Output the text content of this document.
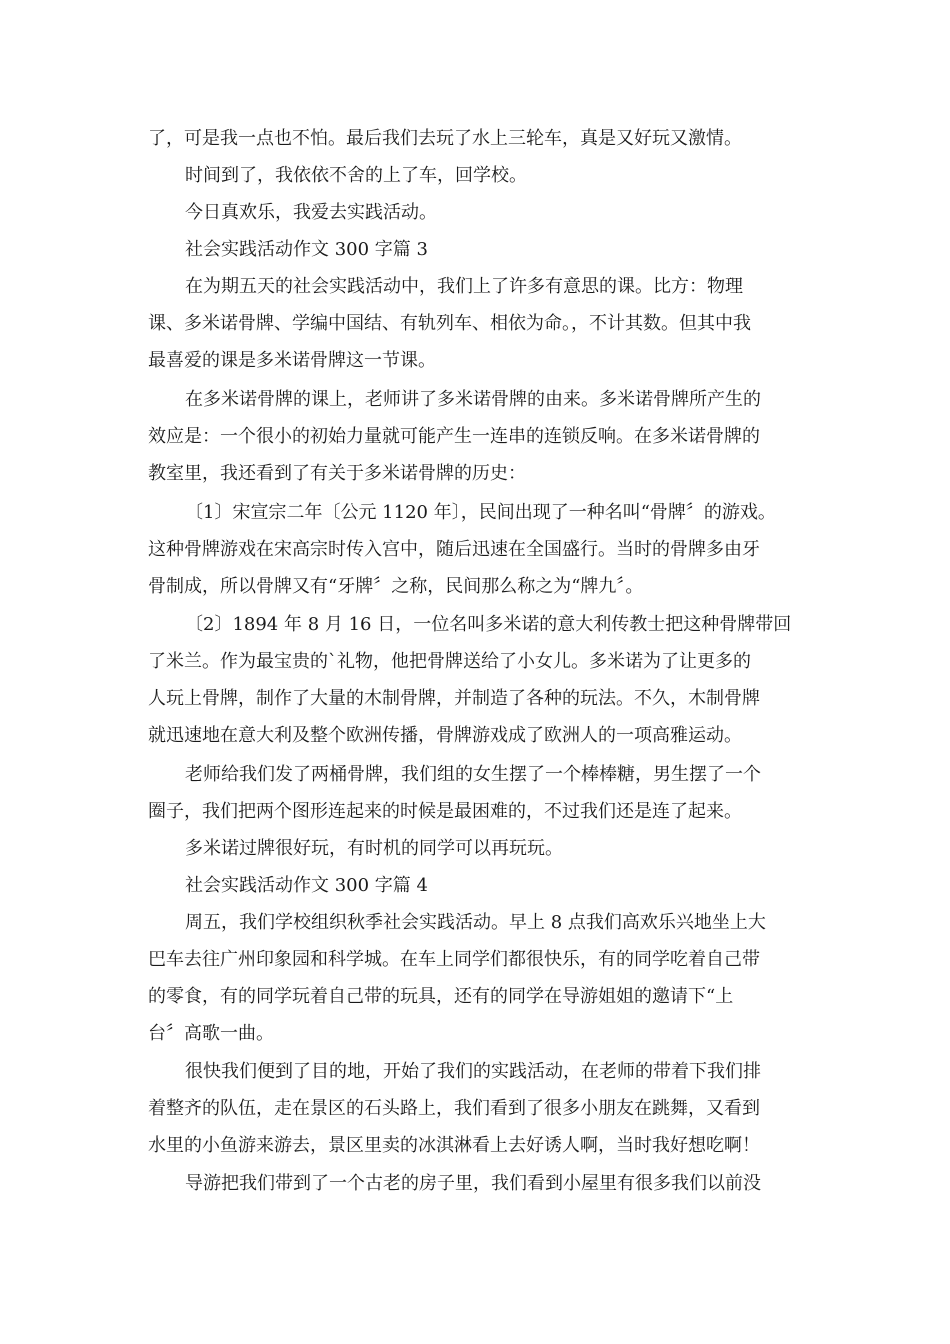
了，可是我一点也不怕。最后我们去玩了水上三轮车，真是又好玩又激情。
时间到了，我依依不舍的上了车，回学校。
今日真欢乐，我爱去实践活动。
社会实践活动作文 300 字篇 3
在为期五天的社会实践活动中，我们上了许多有意思的课。比方：物理
课、多米诺骨牌、学编中国结、有轨列车、相依为命。，不计其数。但其中我
最喜爱的课是多米诺骨牌这一节课。
在多米诺骨牌的课上，老师讲了多米诺骨牌的由来。多米诺骨牌所产生的
效应是：一个很小的初始力量就可能产生一连串的连锁反响。在多米诺骨牌的
教室里，我还看到了有关于多米诺骨牌的历史：
〔1〕宋宣宗二年〔公元 1120 年〕，民间出现了一种名叫“骨牌〞的游戏。
这种骨牌游戏在宋高宗时传入宫中，随后迅速在全国盛行。当时的骨牌多由牙
骨制成，所以骨牌又有“牙牌〞之称，民间那么称之为“牌九〞。
〔2〕1894 年 8 月 16 日，一位名叫多米诺的意大利传教士把这种骨牌带回
了米兰。作为最宝贵的`礼物，他把骨牌送给了小女儿。多米诺为了让更多的
人玩上骨牌，制作了大量的木制骨牌，并制造了各种的玩法。不久，木制骨牌
就迅速地在意大利及整个欧洲传播，骨牌游戏成了欧洲人的一项高雅运动。
老师给我们发了两桶骨牌，我们组的女生摆了一个棒棒糖，男生摆了一个
圈子，我们把两个图形连起来的时候是最困难的，不过我们还是连了起来。
多米诺过牌很好玩，有时机的同学可以再玩玩。
社会实践活动作文 300 字篇 4
周五，我们学校组织秋季社会实践活动。早上 8 点我们高欢乐兴地坐上大
巴车去往广州印象园和科学城。在车上同学们都很快乐，有的同学吃着自己带
的零食，有的同学玩着自己带的玩具，还有的同学在导游姐姐的邀请下“上
台〞高歌一曲。
很快我们便到了目的地，开始了我们的实践活动，在老师的带着下我们排
着整齐的队伍，走在景区的石头路上，我们看到了很多小朋友在跳舞，又看到
水里的小鱼游来游去，景区里卖的冰淇淋看上去好诱人啊，当时我好想吃啊！
导游把我们带到了一个古老的房子里，我们看到小屋里有很多我们以前没
